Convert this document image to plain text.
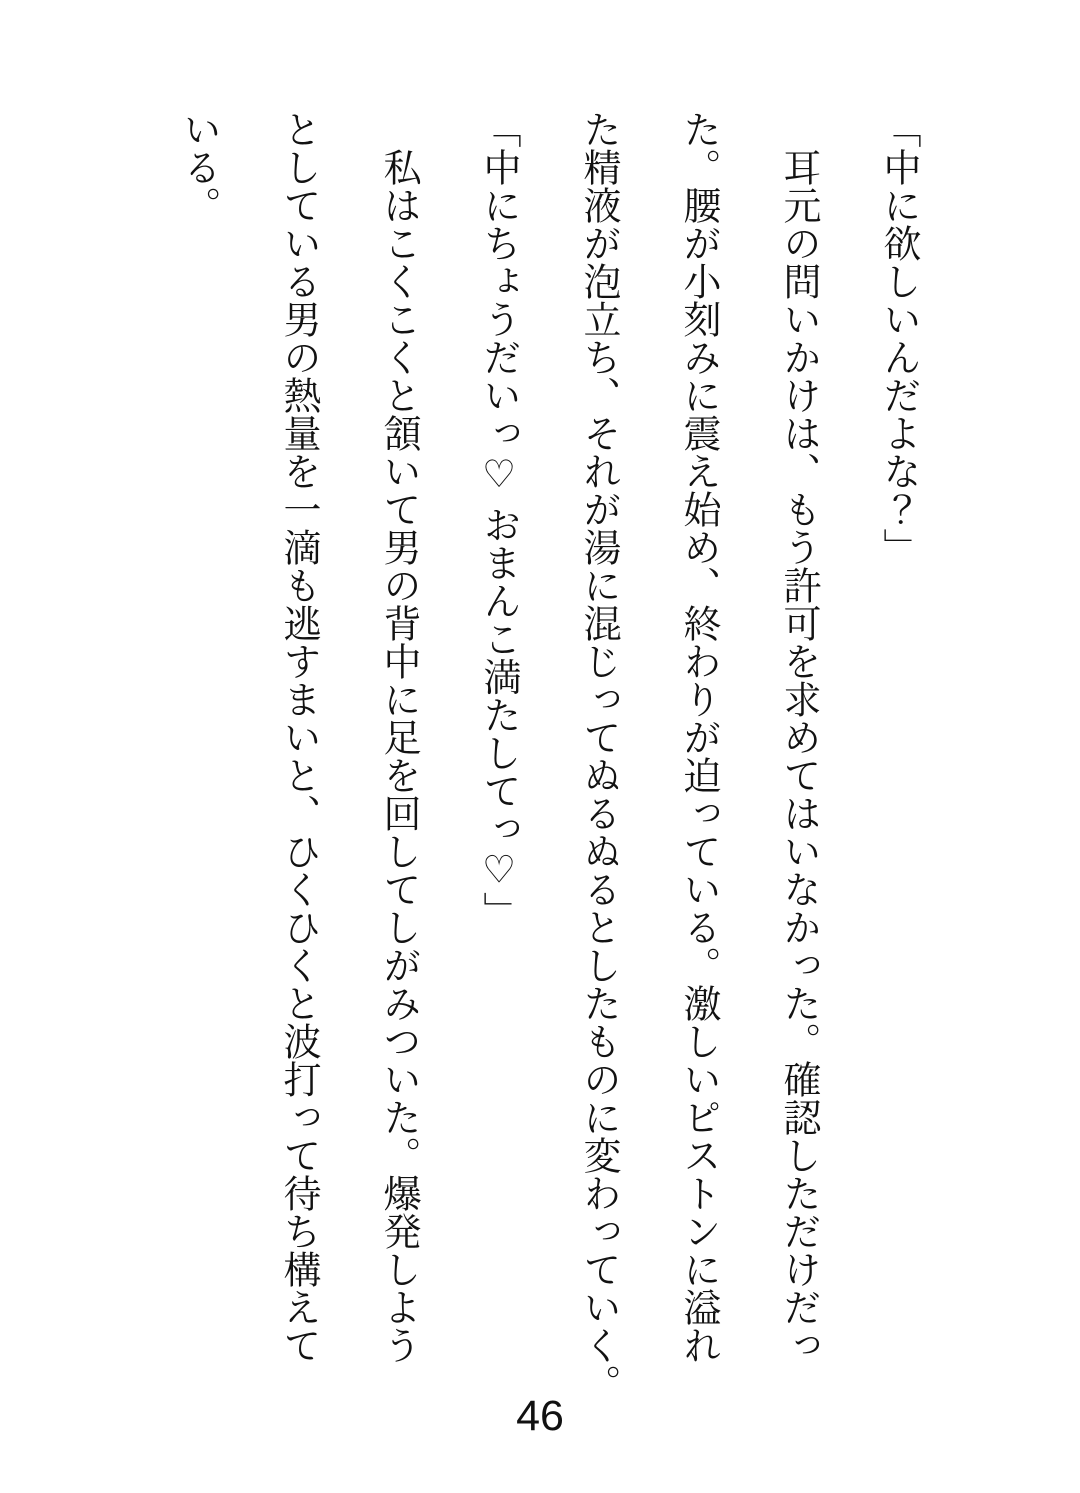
「中に欲しいんだよな？」
　耳元の問いかけは、もう許可を求めてはいなかった。確認しただけだっ
た。腰が小刻みに震え始め、終わりが迫っている。激しいピストンに溢れ
た精液が泡立ち、それが湯に混じってぬるぬるとしたものに変わっていく。
「中にちょうだいっ♡ おまんこ満たしてっ♡」
　私はこくこくと頷いて男の背中に足を回してしがみついた。爆発しよう
としている男の熱量を一滴も逃すまいと、ひくひくと波打って待ち構えて
いる。
46
